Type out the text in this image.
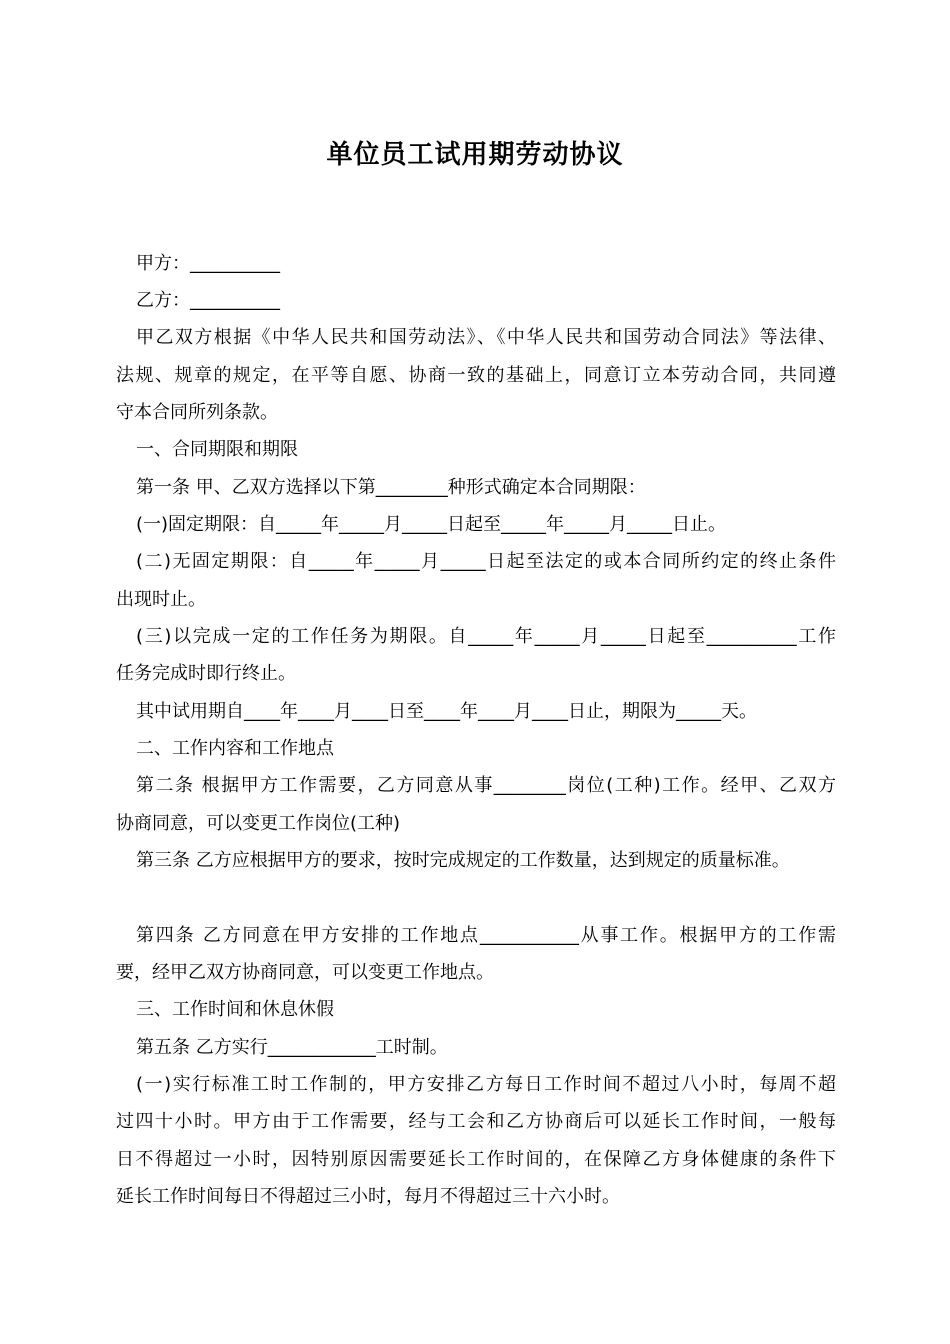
单位员工试用期劳动协议
甲方：__________
乙方：__________
甲乙双方根据《中华人民共和国劳动法》、《中华人民共和国劳动合同法》等法律、
法规、规章的规定，在平等自愿、协商一致的基础上，同意订立本劳动合同，共同遵
守本合同所列条款。
一、合同期限和期限
第一条 甲、乙双方选择以下第________种形式确定本合同期限：
(一)固定期限：自_____年_____月_____日起至_____年_____月_____日止。
(二)无固定期限：自_____年_____月_____日起至法定的或本合同所约定的终止条件
出现时止。
(三)以完成一定的工作任务为期限。自_____年_____月_____日起至__________工作
任务完成时即行终止。
其中试用期自____年____月____日至____年____月____日止，期限为_____天。
二、工作内容和工作地点
第二条 根据甲方工作需要，乙方同意从事________岗位(工种)工作。经甲、乙双方
协商同意，可以变更工作岗位(工种)
第三条 乙方应根据甲方的要求，按时完成规定的工作数量，达到规定的质量标准。
第四条 乙方同意在甲方安排的工作地点___________从事工作。根据甲方的工作需
要，经甲乙双方协商同意，可以变更工作地点。
三、工作时间和休息休假
第五条 乙方实行____________工时制。
(一)实行标准工时工作制的，甲方安排乙方每日工作时间不超过八小时，每周不超
过四十小时。甲方由于工作需要，经与工会和乙方协商后可以延长工作时间，一般每
日不得超过一小时，因特别原因需要延长工作时间的，在保障乙方身体健康的条件下
延长工作时间每日不得超过三小时，每月不得超过三十六小时。
